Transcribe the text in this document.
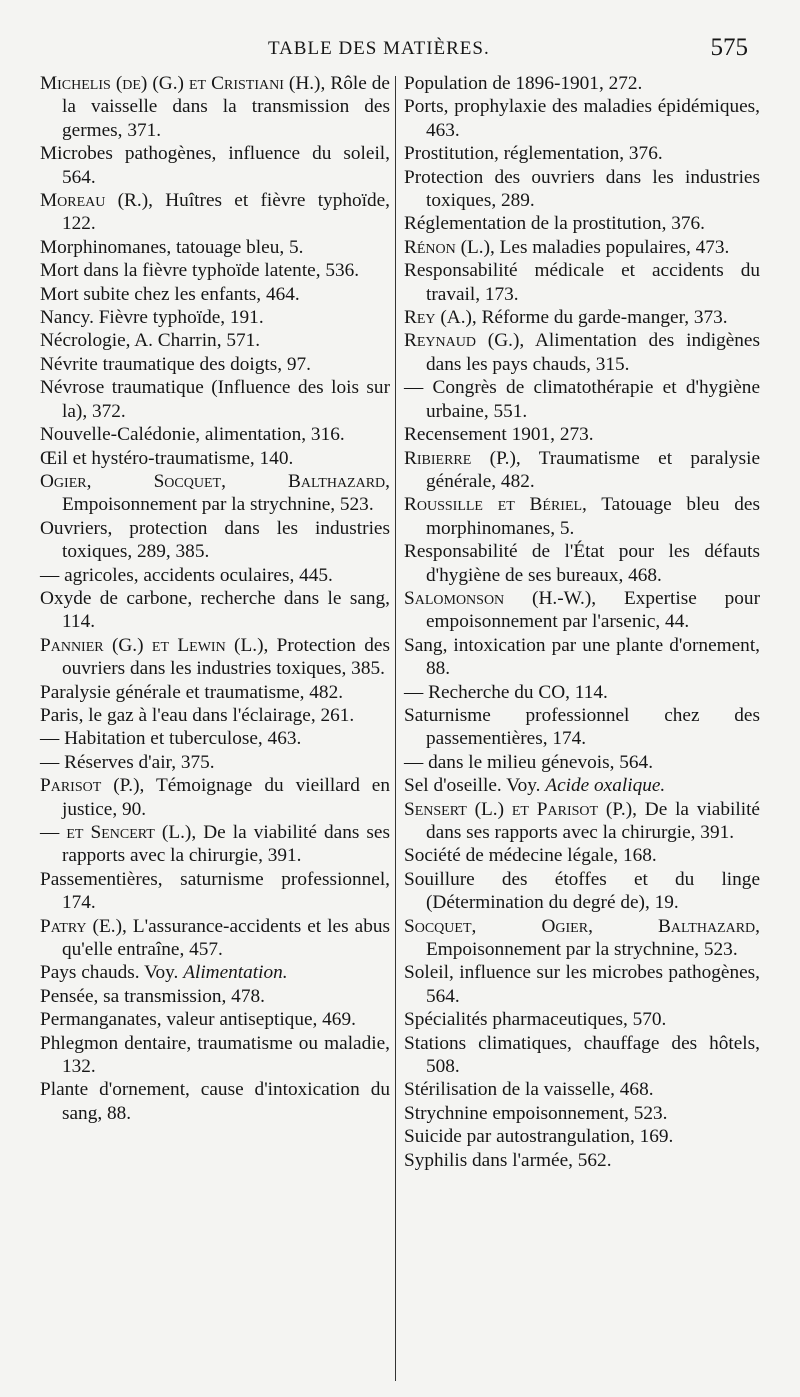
TABLE DES MATIÈRES.	575

Michelis (de) (G.) et Cristiani (H.), Rôle de la vaisselle dans la transmission des germes, 371.

Microbes pathogènes, influence du soleil, 564.

Moreau (R.), Huîtres et fièvre typhoïde, 122.

Morphinomanes, tatouage bleu, 5.

Mort dans la fièvre typhoïde latente, 536.

Mort subite chez les enfants, 464.

Nancy. Fièvre typhoïde, 191.

Nécrologie, A. Charrin, 571.

Névrite traumatique des doigts, 97.

Névrose traumatique (Influence des lois sur la), 372.

Nouvelle-Calédonie, alimentation, 316.

Œil et hystéro-traumatisme, 140.

Ogier, Socquet, Balthazard, Empoisonnement par la strychnine, 523.

Ouvriers, protection dans les industries toxiques, 289, 385.

— agricoles, accidents oculaires, 445.

Oxyde de carbone, recherche dans le sang, 114.

Pannier (G.) et Lewin (L.), Protection des ouvriers dans les industries toxiques, 385.

Paralysie générale et traumatisme, 482.

Paris, le gaz à l'eau dans l'éclairage, 261.

— Habitation et tuberculose, 463.

— Réserves d'air, 375.

Parisot (P.), Témoignage du vieillard en justice, 90.

— et Sencert (L.), De la viabilité dans ses rapports avec la chirurgie, 391.

Passementières, saturnisme professionnel, 174.

Patry (E.), L'assurance-accidents et les abus qu'elle entraîne, 457.

Pays chauds. Voy. Alimentation.

Pensée, sa transmission, 478.

Permanganates, valeur antiseptique, 469.

Phlegmon dentaire, traumatisme ou maladie, 132.

Plante d'ornement, cause d'intoxication du sang, 88.

Population de 1896-1901, 272.

Ports, prophylaxie des maladies épidémiques, 463.

Prostitution, réglementation, 376.

Protection des ouvriers dans les industries toxiques, 289.

Réglementation de la prostitution, 376.

Rénon (L.), Les maladies populaires, 473.

Responsabilité médicale et accidents du travail, 173.

Rey (A.), Réforme du garde-manger, 373.

Reynaud (G.), Alimentation des indigènes dans les pays chauds, 315.

— Congrès de climatothérapie et d'hygiène urbaine, 551.

Recensement 1901, 273.

Ribierre (P.), Traumatisme et paralysie générale, 482.

Roussille et Bériel, Tatouage bleu des morphinomanes, 5.

Responsabilité de l'État pour les défauts d'hygiène de ses bureaux, 468.

Salomonson (H.-W.), Expertise pour empoisonnement par l'arsenic, 44.

Sang, intoxication par une plante d'ornement, 88.

— Recherche du CO, 114.

Saturnisme professionnel chez des passementières, 174.

— dans le milieu génevois, 564.

Sel d'oseille. Voy. Acide oxalique.

Sensert (L.) et Parisot (P.), De la viabilité dans ses rapports avec la chirurgie, 391.

Société de médecine légale, 168.

Souillure des étoffes et du linge (Détermination du degré de), 19.

Socquet, Ogier, Balthazard, Empoisonnement par la strychnine, 523.

Soleil, influence sur les microbes pathogènes, 564.

Spécialités pharmaceutiques, 570.

Stations climatiques, chauffage des hôtels, 508.

Stérilisation de la vaisselle, 468.

Strychnine empoisonnement, 523.

Suicide par autostrangulation, 169.

Syphilis dans l'armée, 562.
